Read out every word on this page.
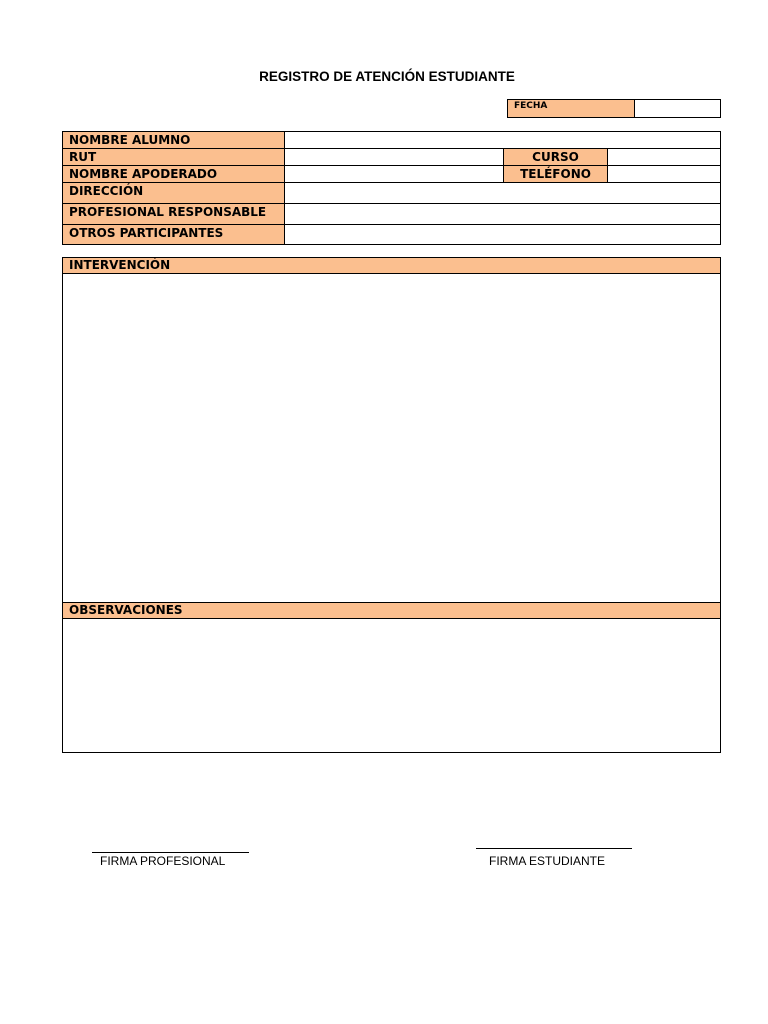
REGISTRO DE ATENCIÓN ESTUDIANTE
FECHA
NOMBRE ALUMNO
RUT	CURSO
NOMBRE APODERADO	TELÉFONO
DIRECCIÓN
PROFESIONAL RESPONSABLE
OTROS PARTICIPANTES
INTERVENCIÓN
OBSERVACIONES
FIRMA PROFESIONAL	FIRMA ESTUDIANTE
